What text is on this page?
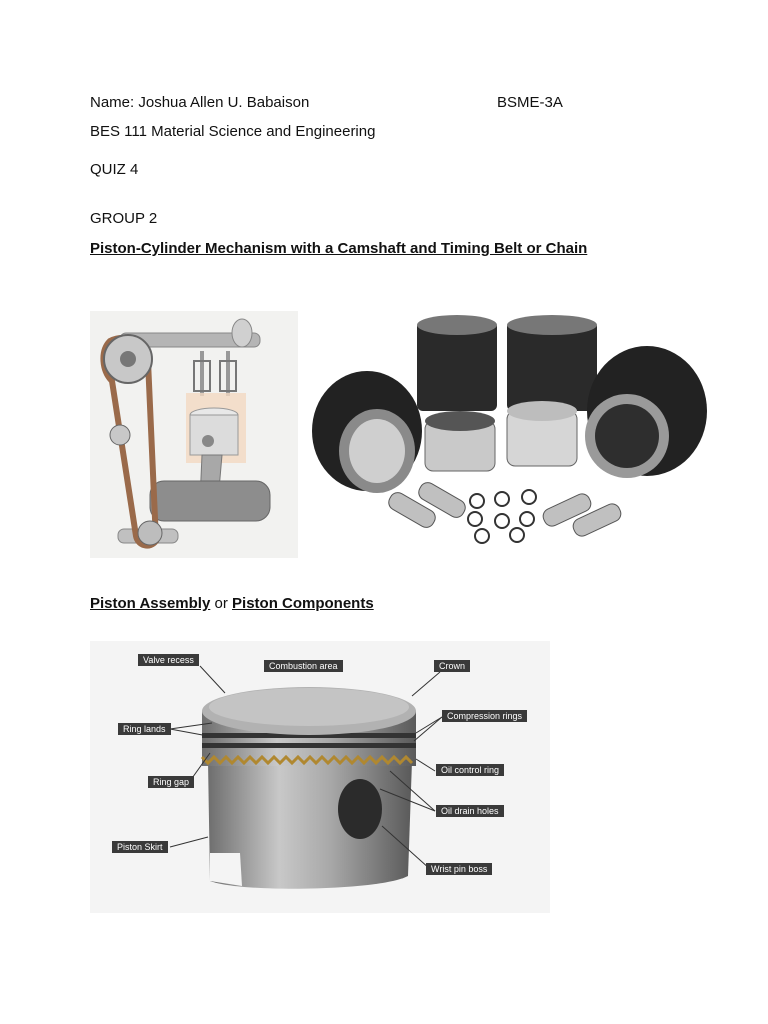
Name: Joshua Allen U. Babaison	BSME-3A
BES 111 Material Science and Engineering
QUIZ 4
GROUP 2
Piston-Cylinder Mechanism with a Camshaft and Timing Belt or Chain
Piston Assembly or Piston Components
Valve recess
Combustion area	Crown
Ring lands
Compression rings
Ring gap
Oil control ring
Oil drain holes
Piston Skirt
Wrist pin boss
